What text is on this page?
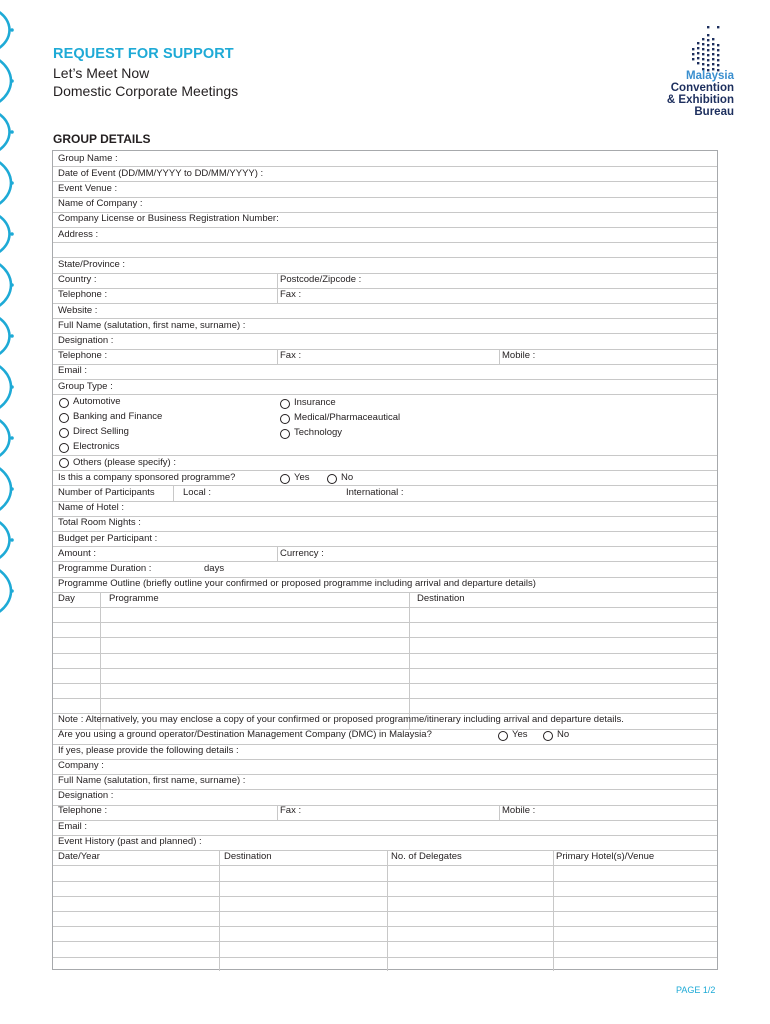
REQUEST FOR SUPPORT

Let’s Meet Now

Domestic Corporate Meetings

Malaysia
Convention
& Exhibition
Bureau
GROUP DETAILS
Group Name :
Date of Event (DD/MM/YYYY to DD/MM/YYYY) :
Event Venue :
Name of Company :
Company License or Business Registration Number:
Address :
State/Province :
Country :	Postcode/Zipcode :
Telephone :	Fax :
Website :
Full Name (salutation, first name, surname) :
Designation :
Telephone :	Fax :	Mobile :
Email :
Group Type :
Automotive
Banking and Finance
Direct Selling
Electronics
Others (please specify) :
Insurance
Medical/Pharmaceautical
Technology
Is this a company sponsored programme?	Yes	No
Number of Participants	Local :	International :
Name of Hotel :
Total Room Nights :
Budget per Participant :
Amount :	Currency :
Programme Duration :	days
Programme Outline (briefly outline your confirmed or proposed programme including arrival and departure details)
Day	Programme	Destination
Note : Alternatively, you may enclose a copy of your confirmed or proposed programme/itinerary including arrival and departure details.
Are you using a ground operator/Destination Management Company (DMC) in Malaysia?	Yes	No
If yes, please provide the following details :
Company :
Full Name (salutation, first name, surname) :
Designation :
Telephone :	Fax :	Mobile :
Email :
Event History (past and planned) :
Date/Year	Destination	No. of Delegates	Primary Hotel(s)/Venue
PAGE 1/2
